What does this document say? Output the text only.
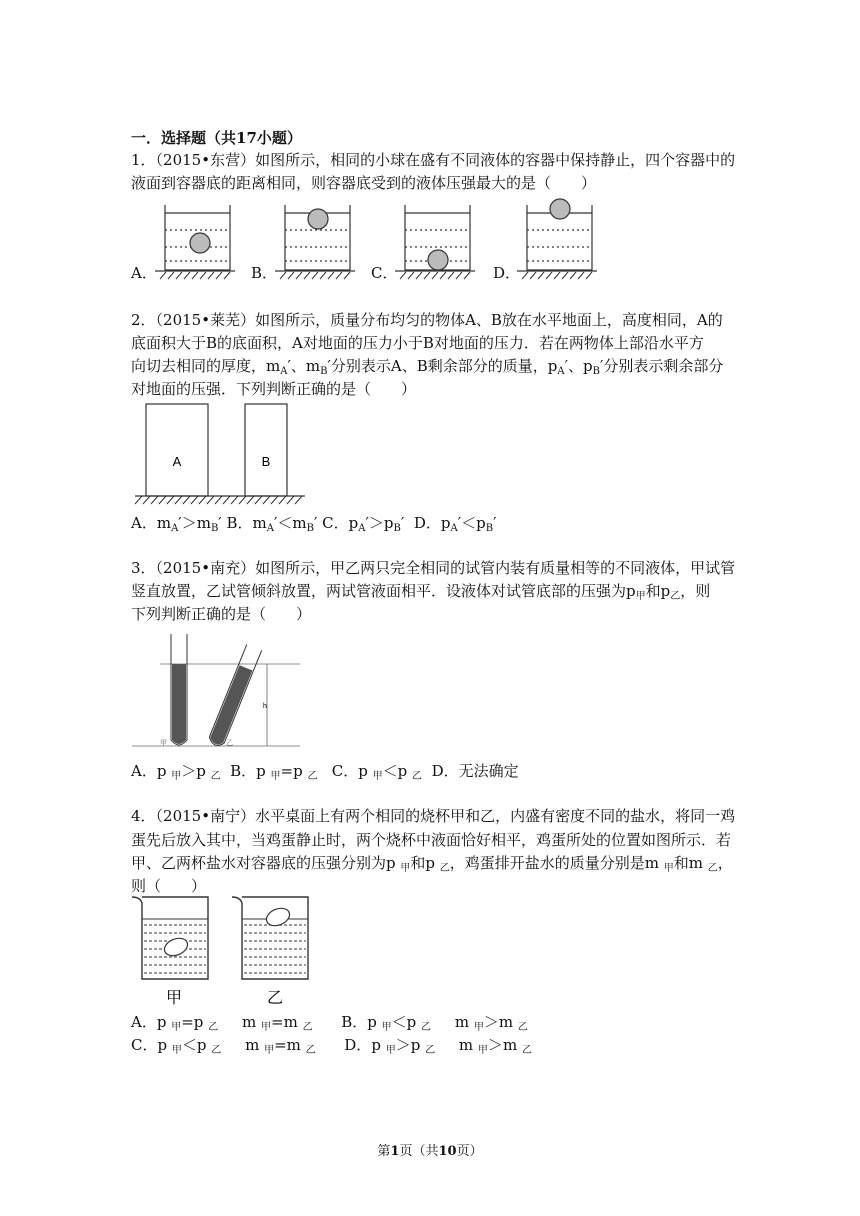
一．选择题（共17小题）
1．（2015•东营）如图所示，相同的小球在盛有不同液体的容器中保持静止，四个容器中的
液面到容器底的距离相同，则容器底受到的液体压强最大的是（　　）
A．	B．	C．	D．
2．（2015•莱芜）如图所示，质量分布均匀的物体A、B放在水平地面上，高度相同，A的
底面积大于B的底面积，A对地面的压力小于B对地面的压力．若在两物体上部沿水平方
向切去相同的厚度，$m_A'$、$m_B'$分别表示A、B剩余部分的质量，$p_A'$、$p_B'$分别表示剩余部分
对地面的压强．下列判断正确的是（　　）
A	B
A．$m_A'>m_B'$ B．$m_A'<m_B'$ C．$p_A'>p_B'$ D．$p_A'<p_B'$
3．（2015•南充）如图所示，甲乙两只完全相同的试管内装有质量相等的不同液体，甲试管
竖直放置，乙试管倾斜放置，两试管液面相平．设液体对试管底部的压强为$p_甲$和$p_乙$，则
下列判断正确的是（　　）
h
甲	乙
A．p $_甲$＞p $_乙$ B．p $_甲$=p $_乙$ C．p $_甲$＜p $_乙$ D．无法确定
4．（2015•南宁）水平桌面上有两个相同的烧杯甲和乙，内盛有密度不同的盐水，将同一鸡
蛋先后放入其中，当鸡蛋静止时，两个烧杯中液面恰好相平，鸡蛋所处的位置如图所示．若
甲、乙两杯盐水对容器底的压强分别为p $_甲$和p $_乙$，鸡蛋排开盐水的质量分别是m $_甲$和m $_乙$，
则（　　）
甲	乙
A．p $_甲$=p $_乙$ m $_甲$=m $_乙$ B．p $_甲$＜p $_乙$ m $_甲$＞m $_乙$
C．p $_甲$＜p $_乙$ m $_甲$=m $_乙$ D．p $_甲$＞p $_乙$ m $_甲$＞m $_乙$
第1页（共10页）
